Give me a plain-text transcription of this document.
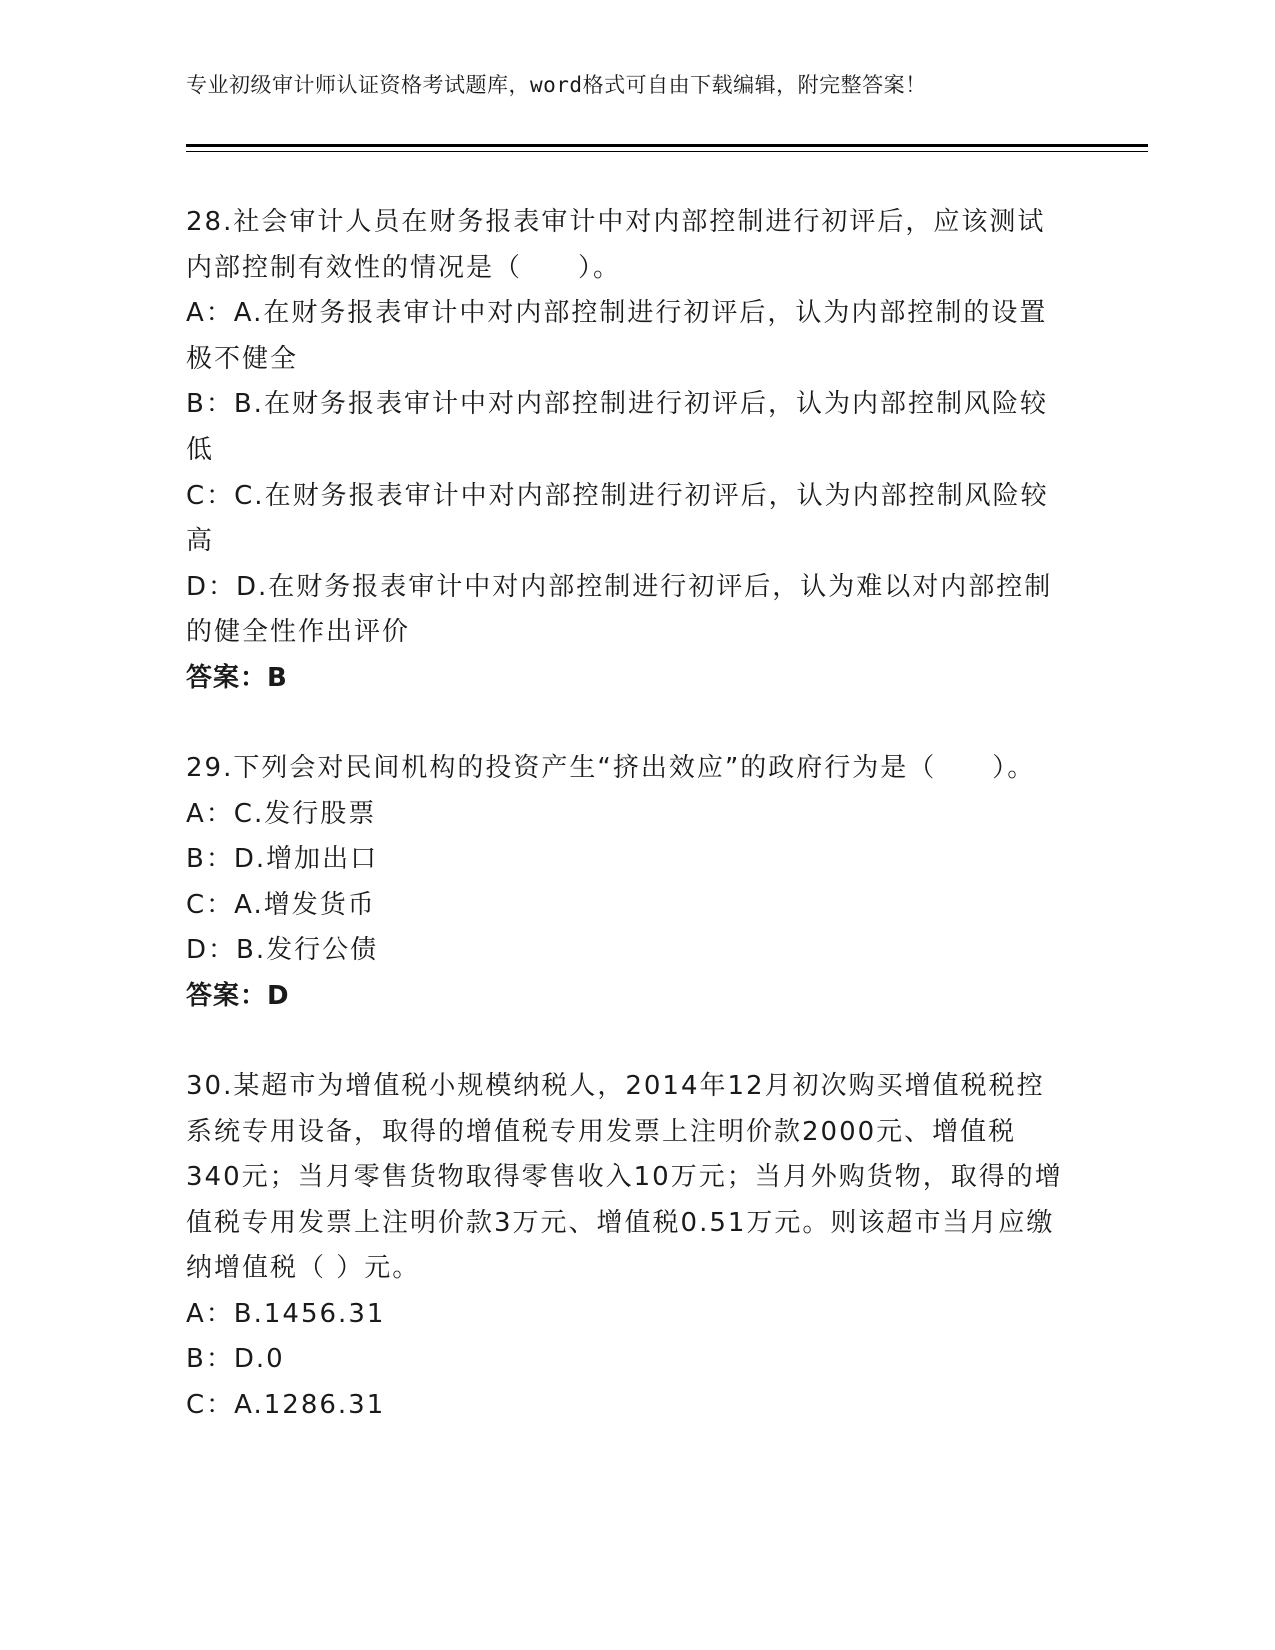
专业初级审计师认证资格考试题库，word格式可自由下载编辑，附完整答案！

28.社会审计人员在财务报表审计中对内部控制进行初评后，应该测试内部控制有效性的情况是（　　）。

A：A.在财务报表审计中对内部控制进行初评后，认为内部控制的设置极不健全

B：B.在财务报表审计中对内部控制进行初评后，认为内部控制风险较低

C：C.在财务报表审计中对内部控制进行初评后，认为内部控制风险较高

D：D.在财务报表审计中对内部控制进行初评后，认为难以对内部控制的健全性作出评价

答案：B

29.下列会对民间机构的投资产生“挤出效应”的政府行为是（　　）。

A：C.发行股票

B：D.增加出口

C：A.增发货币

D：B.发行公债

答案：D

30.某超市为增值税小规模纳税人，2014年12月初次购买增值税税控系统专用设备，取得的增值税专用发票上注明价款2000元、增值税340元；当月零售货物取得零售收入10万元；当月外购货物，取得的增值税专用发票上注明价款3万元、增值税0.51万元。则该超市当月应缴纳增值税（ ）元。

A：B.1456.31

B：D.0

C：A.1286.31
